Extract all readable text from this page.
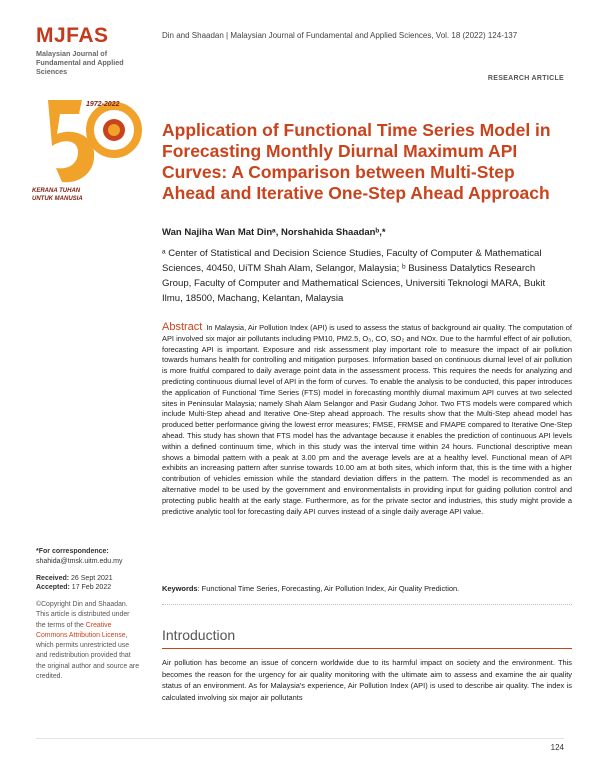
MJFAS
Malaysian Journal of Fundamental and Applied Sciences
Din and Shaadan | Malaysian Journal of Fundamental and Applied Sciences, Vol. 18 (2022) 124-137
RESEARCH ARTICLE
1972-2022
KERANA TUHAN
UNTUK MANUSIA
Application of Functional Time Series Model in Forecasting Monthly Diurnal Maximum API Curves: A Comparison between Multi-Step Ahead and Iterative One-Step Ahead Approach
Wan Najiha Wan Mat Dinᵃ, Norshahida Shaadanᵇ,*
ᵃ Center of Statistical and Decision Science Studies, Faculty of Computer & Mathematical Sciences, 40450, UiTM Shah Alam, Selangor, Malaysia; ᵇ Business Datalytics Research Group, Faculty of Computer and Mathematical Sciences, Universiti Teknologi MARA, Bukit Ilmu, 18500, Machang, Kelantan, Malaysia
Abstract In Malaysia, Air Pollution Index (API) is used to assess the status of background air quality. The computation of API involved six major air pollutants including PM10, PM2.5, O₃, CO, SO₂ and NOx. Due to the harmful effect of air pollution, forecasting API is important. Exposure and risk assessment play important role to measure the impact of air pollution towards humans health for controlling and mitigation purposes. Information based on continuous diurnal level of air pollution is more fruitful compared to daily average point data in the assessment process. This requires the needs for analyzing and predicting continuous diurnal level of API in the form of curves. To enable the analysis to be conducted, this paper introduces the application of Functional Time Series (FTS) model in forecasting monthly diurnal maximum API curves at two selected sites in Peninsular Malaysia; namely Shah Alam Selangor and Pasir Gudang Johor. Two FTS models were compared which include Multi-Step ahead and Iterative One-Step ahead approach. The results show that the Multi-Step ahead model has produced better performance giving the lowest error measures; FMSE, FRMSE and FMAPE compared to Iterative One-Step ahead. This study has shown that FTS model has the advantage because it enables the prediction of continuous API levels within a defined continuum time, which in this study was the interval time within 24 hours. Functional descriptive mean shows a bimodal pattern with a peak at 3.00 pm and the average levels are at a healthy level. Functional mean of API exhibits an increasing pattern after sunrise towards 10.00 am at both sites, which inform that, this is the time with a higher contribution of vehicles emission while the standard deviation differs in the pattern. The model is recommended as an alternative model to be used by the government and environmentalists in providing input for guiding pollution control and protecting public health at the early stage. Furthermore, as for the private sector and industries, this study might provide a predictive analytic tool for forecasting daily API curves instead of a single daily average API value.
Keywords: Functional Time Series, Forecasting, Air Pollution Index, Air Quality Prediction.
*For correspondence:
shahida@tmsk.uitm.edu.my
Received: 26 Sept 2021
Accepted: 17 Feb 2022
©Copyright Din and Shaadan. This article is distributed under the terms of the Creative Commons Attribution License, which permits unrestricted use and redistribution provided that the original author and source are credited.
Introduction
Air pollution has become an issue of concern worldwide due to its harmful impact on society and the environment. This becomes the reason for the urgency for air quality monitoring with the ultimate aim to assess and examine the air quality status of an environment. As for Malaysia's experience, Air Pollution Index (API) is used to describe air quality. The index is calculated involving six major air pollutants
124
